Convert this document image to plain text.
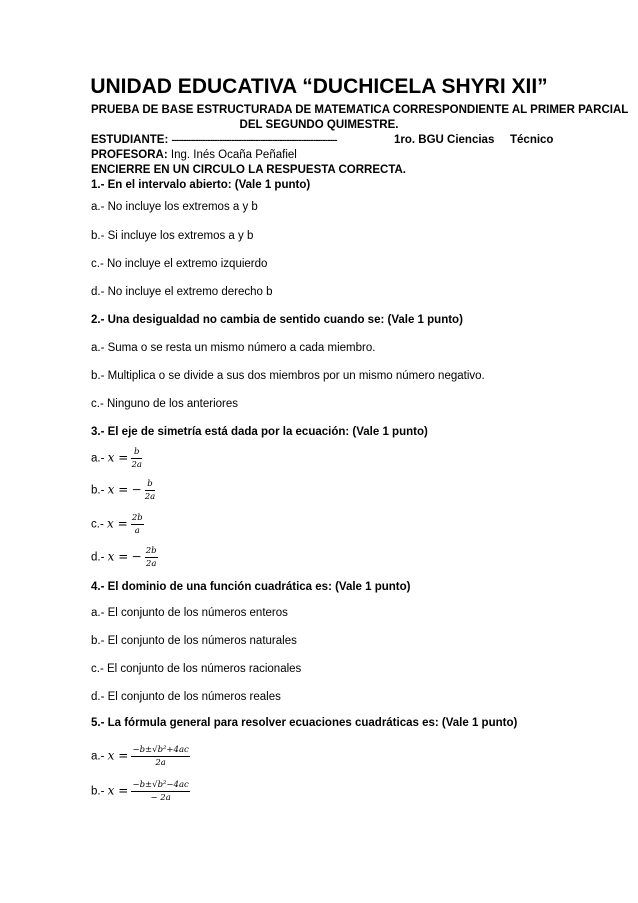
UNIDAD EDUCATIVA “DUCHICELA SHYRI XII”
PRUEBA DE BASE ESTRUCTURADA DE MATEMATICA CORRESPONDIENTE AL PRIMER PARCIAL
DEL SEGUNDO QUIMESTRE.
ESTUDIANTE: ---------------------------------------------------------------------	1ro. BGU Ciencias Técnico
PROFESORA: Ing. Inés Ocaña Peñafiel
ENCIERRE EN UN CIRCULO LA RESPUESTA CORRECTA.
1.- En el intervalo abierto: (Vale 1 punto)
a.- No incluye los extremos a y b
b.- Si incluye los extremos a y b
c.- No incluye el extremo izquierdo
d.- No incluye el extremo derecho b
2.- Una desigualdad no cambia de sentido cuando se: (Vale 1 punto)
a.- Suma o se resta un mismo número a cada miembro.
b.- Multiplica o se divide a sus dos miembros por un mismo número negativo.
c.- Ninguno de los anteriores
3.- El eje de simetría está dada por la ecuación: (Vale 1 punto)
a.- $x = \frac{b}{2a}$
b.- x = − $\frac{b}{2a}$
c.- $x = \frac{2b}{a}$
d.- x = − $\frac{2b}{2a}$
4.- El dominio de una función cuadrática es: (Vale 1 punto)
a.- El conjunto de los números enteros
b.- El conjunto de los números naturales
c.- El conjunto de los números racionales
d.- El conjunto de los números reales
5.- La fórmula general para resolver ecuaciones cuadráticas es: (Vale 1 punto)
a.- $x = \frac{\text{−b±√b²+4ac}}{2a}$
b.- $x = \frac{\text{−b±√b²−4ac}}{- 2a}$
